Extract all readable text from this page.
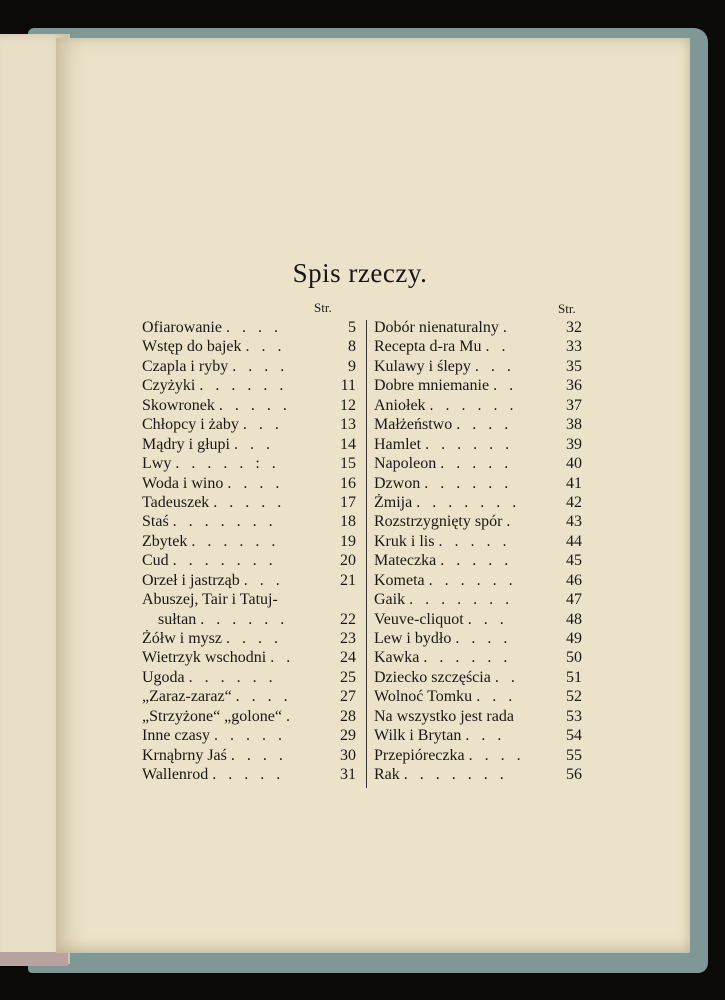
Spis rzeczy.
Str.	Str.
Ofiarowanie . . . .	5
Wstęp do bajek . . .	8
Czapla i ryby . . . .	9
Czyżyki . . . . . .	11
Skowronek . . . . .	12
Chłopcy i żaby . . .	13
Mądry i głupi . . .	14
Lwy . . . . . : .	15
Woda i wino . . . .	16
Tadeuszek . . . . .	17
Staś . . . . . . .	18
Zbytek . . . . . .	19
Cud . . . . . . .	20
Orzeł i jastrząb . . .	21
Abuszej, Tair i Tatuj-
sułtan . . . . . .	22
Żółw i mysz . . . .	23
Wietrzyk wschodni . .	24
Ugoda . . . . . .	25
„Zaraz-zaraz“ . . . .	27
„Strzyżone“ „golone“ .	28
Inne czasy . . . . .	29
Krnąbrny Jaś . . . .	30
Wallenrod . . . . .	31
Dobór nienaturalny .	32
Recepta d-ra Mu . .	33
Kulawy i ślepy . . .	35
Dobre mniemanie . .	36
Aniołek . . . . . .	37
Małżeństwo . . . .	38
Hamlet . . . . . .	39
Napoleon . . . . .	40
Dzwon . . . . . .	41
Żmija . . . . . . .	42
Rozstrzygnięty spór .	43
Kruk i lis . . . . .	44
Mateczka . . . . .	45
Kometa . . . . . .	46
Gaik . . . . . . .	47
Veuve-cliquot . . .	48
Lew i bydło . . . .	49
Kawka . . . . . .	50
Dziecko szczęścia . .	51
Wolnoć Tomku . . .	52
Na wszystko jest rada	53
Wilk i Brytan . . .	54
Przepióreczka . . . .	55
Rak . . . . . . .	56
